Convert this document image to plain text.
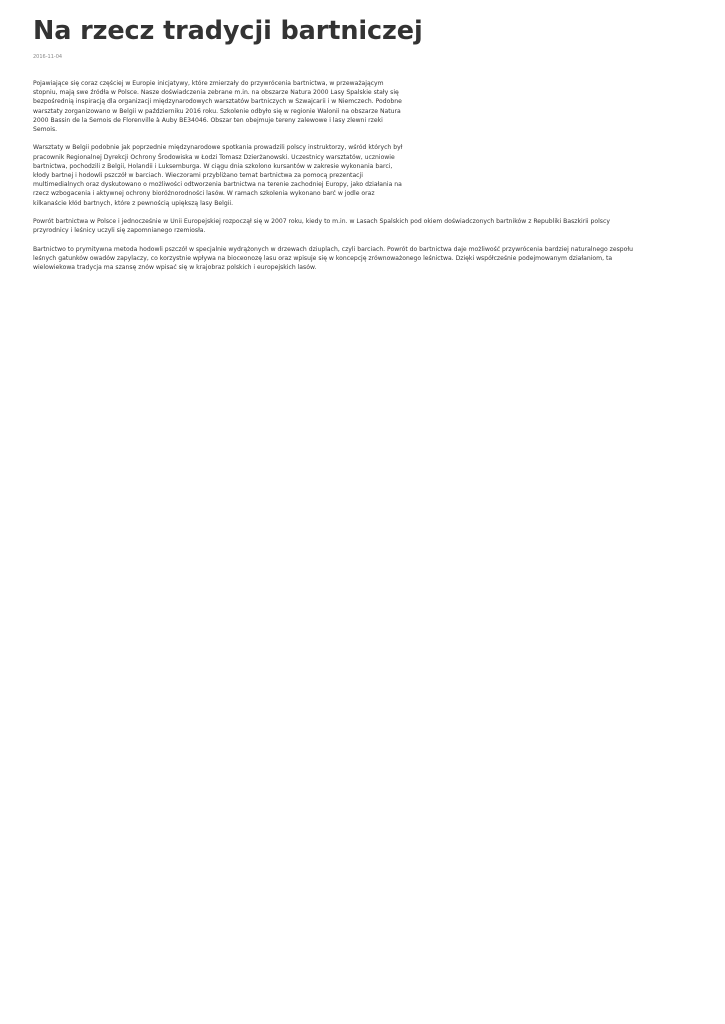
Na rzecz tradycji bartniczej
2016-11-04

Pojawiające się coraz częściej w Europie inicjatywy, które zmierzały do przywrócenia bartnictwa, w przeważającym stopniu, mają swe źródła w Polsce. Nasze doświadczenia zebrane m.in. na obszarze Natura 2000 Lasy Spalskie stały się bezpośrednią inspiracją dla organizacji międzynarodowych warsztatów bartniczych w Szwajcarii i w Niemczech. Podobne warsztaty zorganizowano w Belgii w październiku 2016 roku. Szkolenie odbyło się w regionie Walonii na obszarze Natura 2000 Bassin de la Semois de Florenville à Auby BE34046. Obszar ten obejmuje tereny zalewowe i lasy zlewni rzeki Semois.

Warsztaty w Belgii podobnie jak poprzednie międzynarodowe spotkania prowadzili polscy instruktorzy, wśród których był pracownik Regionalnej Dyrekcji Ochrony Środowiska w Łodzi Tomasz Dzierżanowski. Uczestnicy warsztatów, uczniowie bartnictwa, pochodzili z Belgii, Holandii i Luksemburga. W ciągu dnia szkolono kursantów w zakresie wykonania barci, kłody bartnej i hodowli pszczół w barciach. Wieczorami przybliżano temat bartnictwa za pomocą prezentacji multimedialnych oraz dyskutowano o możliwości odtworzenia bartnictwa na terenie zachodniej Europy, jako działania na rzecz wzbogacenia i aktywnej ochrony bioróżnorodności lasów. W ramach szkolenia wykonano barć w jodle oraz kilkanaście kłód bartnych, które z pewnością upiększą lasy Belgii.

Powrót bartnictwa w Polsce i jednocześnie w Unii Europejskiej rozpoczął się w 2007 roku, kiedy to m.in. w Lasach Spalskich pod okiem doświadczonych bartników z Republiki Baszkirii polscy przyrodnicy i leśnicy uczyli się zapomnianego rzemiosła.

Bartnictwo to prymitywna metoda hodowli pszczół w specjalnie wydrążonych w drzewach dziuplach, czyli barciach. Powrót do bartnictwa daje możliwość przywrócenia bardziej naturalnego zespołu leśnych gatunków owadów zapylaczy, co korzystnie wpływa na bioceonozę lasu oraz wpisuje się w koncepcję zrównoważonego leśnictwa. Dzięki współcześnie podejmowanym działaniom, ta wielowiekowa tradycja ma szansę znów wpisać się w krajobraz polskich i europejskich lasów.
